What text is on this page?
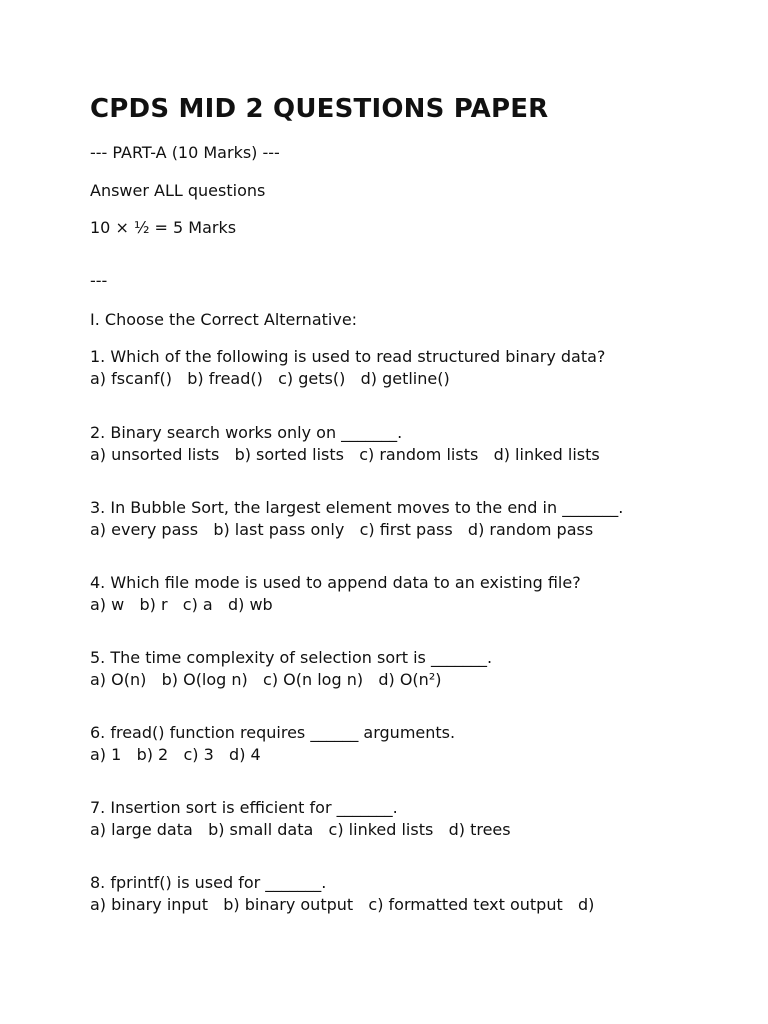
CPDS MID 2 QUESTIONS PAPER

--- PART-A (10 Marks) ---

Answer ALL questions

10 × ½ = 5 Marks

---

I. Choose the Correct Alternative:

1. Which of the following is used to read structured binary data?

a) fscanf()   b) fread()   c) gets()   d) getline()

2. Binary search works only on _______.

a) unsorted lists   b) sorted lists   c) random lists   d) linked lists

3. In Bubble Sort, the largest element moves to the end in _______.

a) every pass   b) last pass only   c) first pass   d) random pass

4. Which file mode is used to append data to an existing file?

a) w   b) r   c) a   d) wb

5. The time complexity of selection sort is _______.

a) O(n)   b) O(log n)   c) O(n log n)   d) O(n²)

6. fread() function requires ______ arguments.

a) 1   b) 2   c) 3   d) 4

7. Insertion sort is efficient for _______.

a) large data   b) small data   c) linked lists   d) trees

8. fprintf() is used for _______.

a) binary input   b) binary output   c) formatted text output   d)
